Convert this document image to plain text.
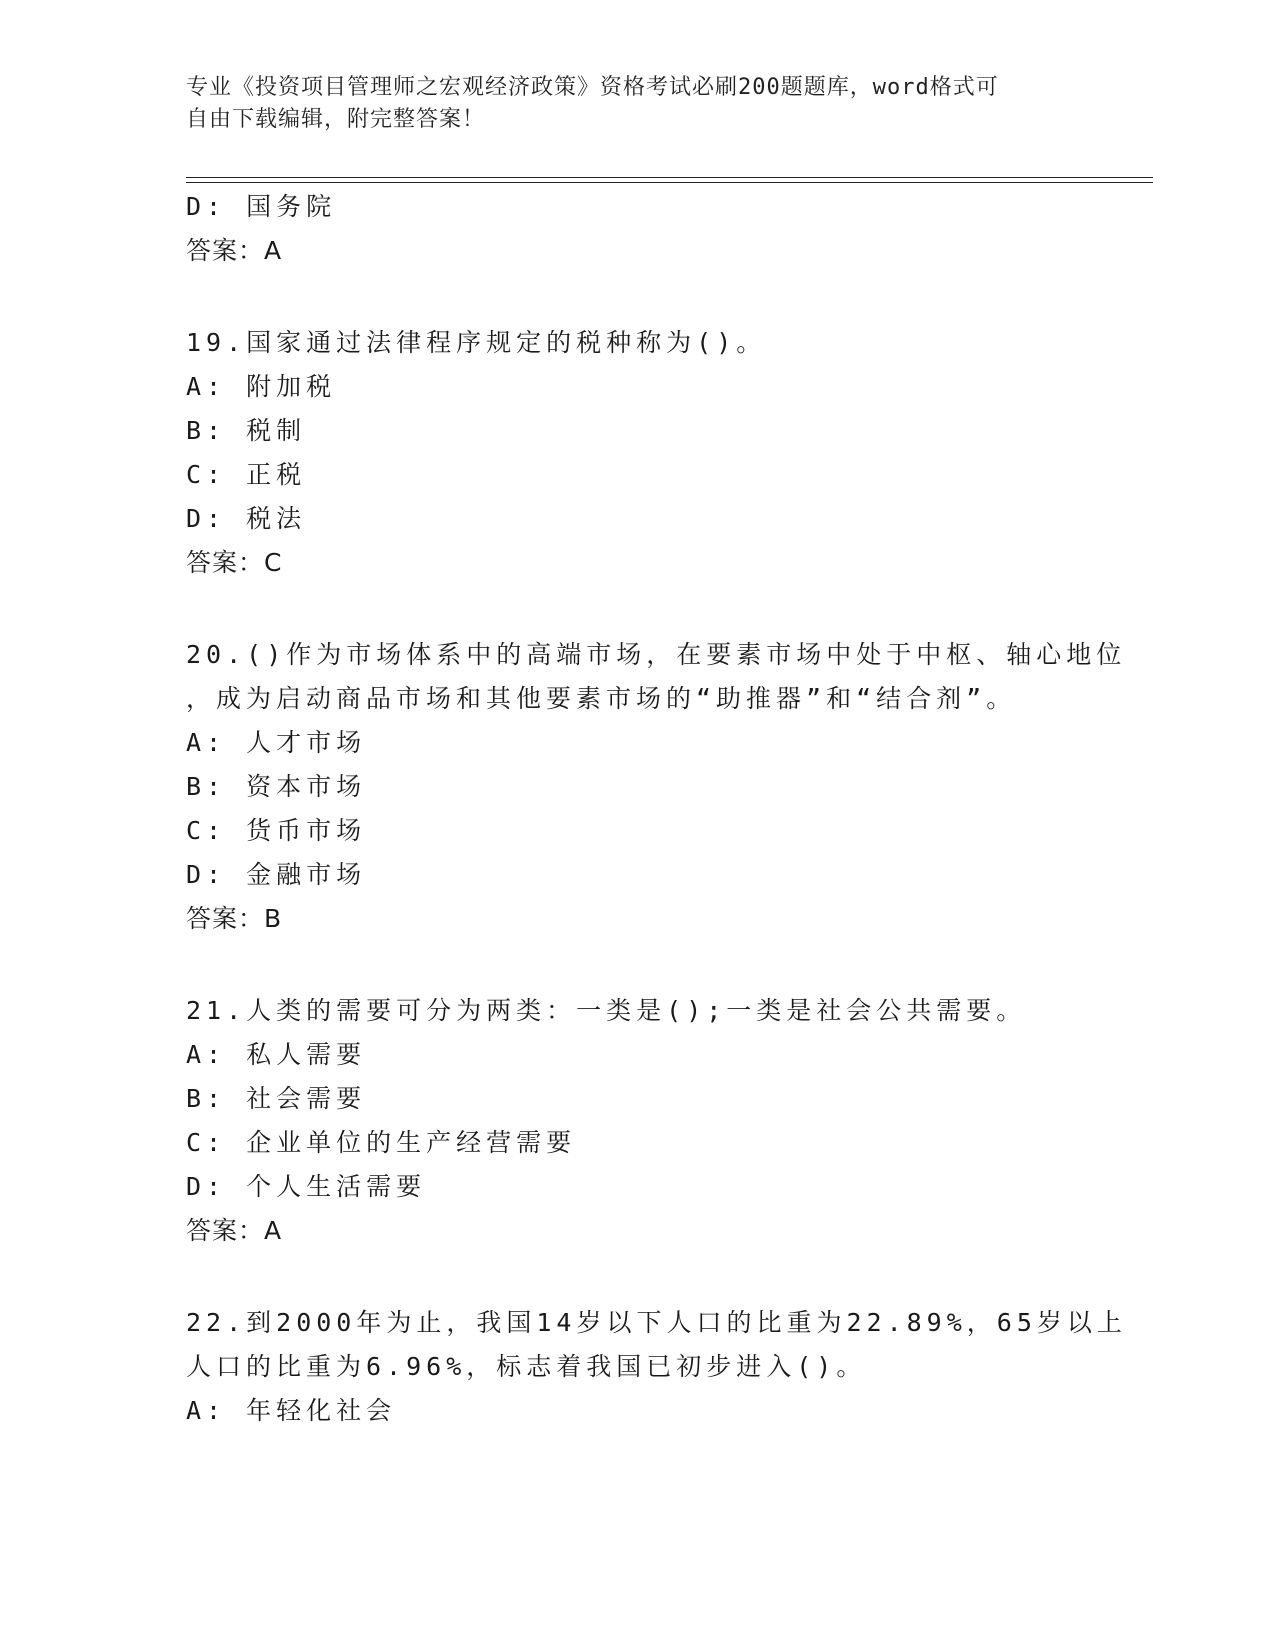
专业《投资项目管理师之宏观经济政策》资格考试必刷200题题库，word格式可
自由下载编辑，附完整答案！
D: 国务院
答案：A
19.国家通过法律程序规定的税种称为()。
A: 附加税
B: 税制
C: 正税
D: 税法
答案：C
20.()作为市场体系中的高端市场，在要素市场中处于中枢、轴心地位
，成为启动商品市场和其他要素市场的“助推器”和“结合剂”。
A: 人才市场
B: 资本市场
C: 货币市场
D: 金融市场
答案：B
21.人类的需要可分为两类：一类是();一类是社会公共需要。
A: 私人需要
B: 社会需要
C: 企业单位的生产经营需要
D: 个人生活需要
答案：A
22.到2000年为止，我国14岁以下人口的比重为22.89%，65岁以上
人口的比重为6.96%，标志着我国已初步进入()。
A: 年轻化社会
